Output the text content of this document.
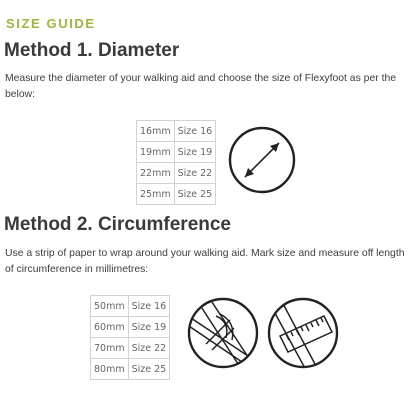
SIZE GUIDE
Method 1. Diameter
Measure the diameter of your walking aid and choose the size of Flexyfoot as per the below:
16mm	Size 16
19mm	Size 19
22mm	Size 22
25mm	Size 25
Method 2. Circumference
Use a strip of paper to wrap around your walking aid. Mark size and measure off length of circumference in millimetres:
50mm	Size 16
60mm	Size 19
70mm	Size 22
80mm	Size 25
